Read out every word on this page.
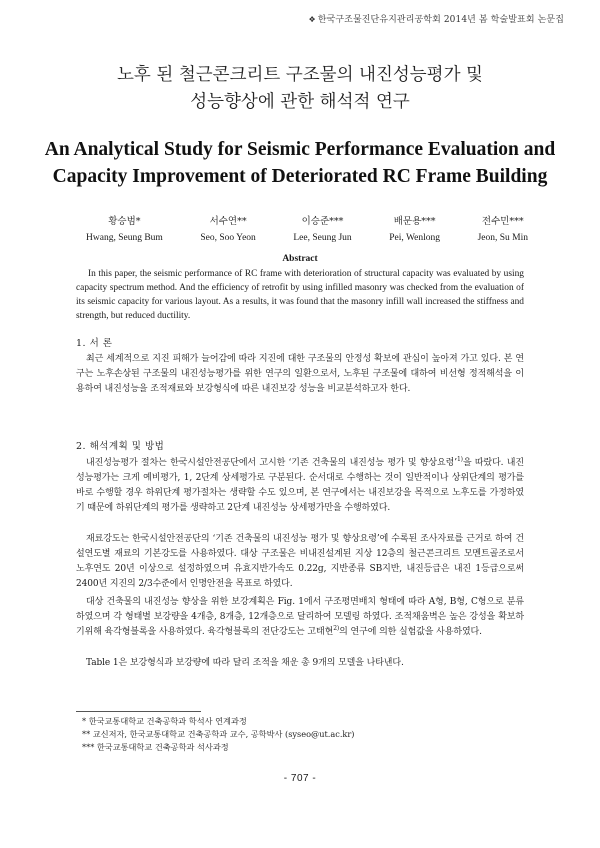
❖ 한국구조물진단유지관리공학회 2014년 봄 학술발표회 논문집
노후 된 철근콘크리트 구조물의 내진성능평가 및
성능향상에 관한 해석적 연구
An Analytical Study for Seismic Performance Evaluation and
Capacity Improvement of Deteriorated RC Frame Building
황승범*
Hwang, Seung Bum
서수연**
Seo, Soo Yeon
이승준***
Lee, Seung Jun
배문용***
Pei, Wenlong
전수민***
Jeon, Su Min
Abstract

In this paper, the seismic performance of RC frame with deterioration of structural capacity was evaluated by using capacity spectrum method. And the efficiency of retrofit by using infilled masonry was checked from the evaluation of its seismic capacity for various layout. As a results, it was found that the masonry infill wall increased the stiffness and strength, but reduced ductility.

1. 서 론

최근 세계적으로 지진 피해가 늘어감에 따라 지진에 대한 구조물의 안정성 확보에 관심이 높아져 가고 있다. 본 연구는 노후손상된 구조물의 내진성능평가를 위한 연구의 일환으로서, 노후된 구조물에 대하여 비선형 정적해석을 이용하여 내진성능을 조적재료와 보강형식에 따른 내진보강 성능을 비교분석하고자 한다.

2. 해석계획 및 방법

내진성능평가 절차는 한국시설안전공단에서 고시한 ‘기존 건축물의 내진성능 평가 및 향상요령’$^{1)}$을 따랐다. 내진성능평가는 크게 예비평가, 1, 2단계 상세평가로 구분된다. 순서대로 수행하는 것이 일반적이나 상위단계의 평가를 바로 수행할 경우 하위단계 평가절차는 생략할 수도 있으며, 본 연구에서는 내진보강을 목적으로 노후도를 가정하였기 때문에 하위단계의 평가를 생략하고 2단계 내진성능 상세평가만을 수행하였다.

재료강도는 한국시설안전공단의 ‘기존 건축물의 내진성능 평가 및 향상요령’에 수록된 조사자료를 근거로 하여 건설연도별 재료의 기본강도를 사용하였다. 대상 구조물은 비내진설계된 지상 12층의 철근콘크리트 모멘트골조로서 노후연도 20년 이상으로 설정하였으며 유효지반가속도 0.22g, 지반종류 SB지반, 내진등급은 내진 1등급으로써 2400년 지진의 2/3수준에서 인명안전을 목표로 하였다.

대상 건축물의 내진성능 향상을 위한 보강계획은 Fig. 1에서 구조평면배치 형태에 따라 A형, B형, C형으로 분류하였으며 각 형태별 보강량을 4개층, 8개층, 12개층으로 달리하여 모델링 하였다. 조적채움벽은 높은 강성을 확보하기위해 육각형블록을 사용하였다. 육각형블록의 전단강도는 고태현$^{2)}$의 연구에 의한 실험값을 사용하였다.

Table 1은 보강형식과 보강량에 따라 달리 조적을 채운 총 9개의 모델을 나타낸다.

* 한국교통대학교 건축공학과 학석사 연계과정
** 교신저자, 한국교통대학교 건축공학과 교수, 공학박사 (syseo@ut.ac.kr)
*** 한국교통대학교 건축공학과 석사과정
- 707 -
